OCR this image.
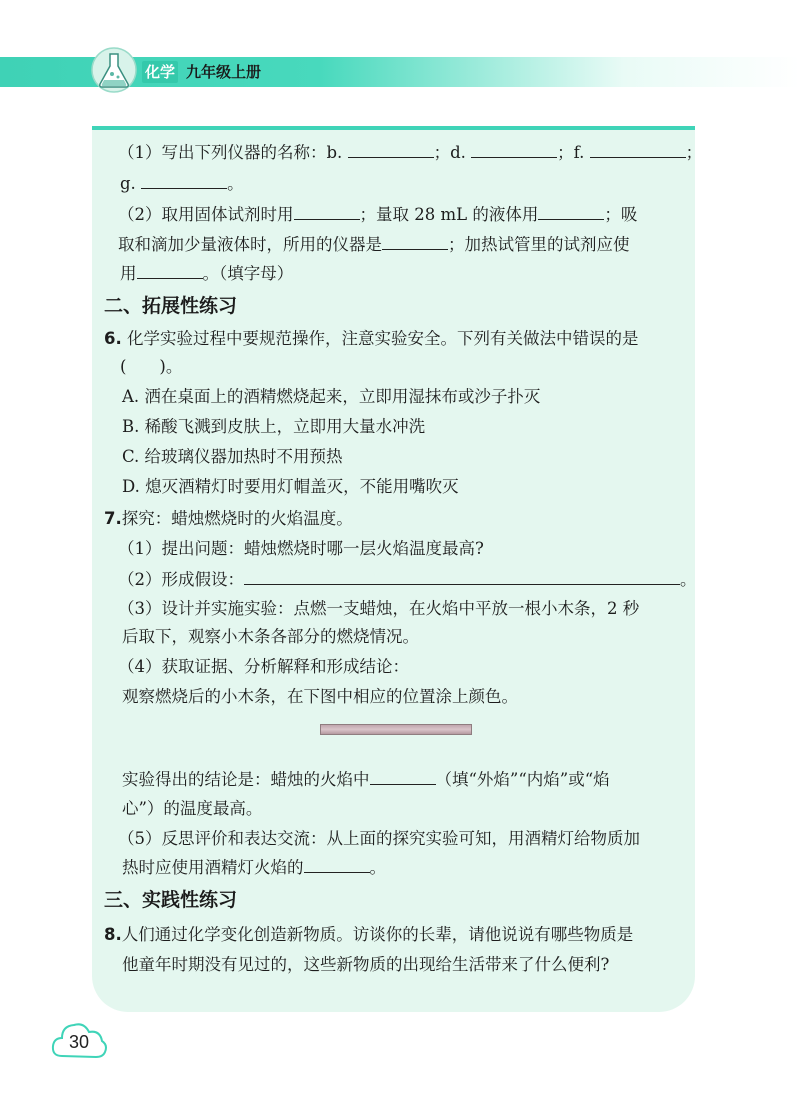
化学 九年级上册
（1）写出下列仪器的名称：b.	；d.	；f.	；
g.	。
（2）取用固体试剂时用	；量取 28 mL 的液体用	；吸
取和滴加少量液体时，所用的仪器是	；加热试管里的试剂应使
用	。（填字母）
二、拓展性练习
6. 化学实验过程中要规范操作，注意实验安全。下列有关做法中错误的是
(　　)。
A. 洒在桌面上的酒精燃烧起来，立即用湿抹布或沙子扑灭
B. 稀酸飞溅到皮肤上，立即用大量水冲洗
C. 给玻璃仪器加热时不用预热
D. 熄灭酒精灯时要用灯帽盖灭，不能用嘴吹灭
7.探究：蜡烛燃烧时的火焰温度。
（1）提出问题：蜡烛燃烧时哪一层火焰温度最高?
（2）形成假设：	。
（3）设计并实施实验：点燃一支蜡烛，在火焰中平放一根小木条，2 秒
后取下，观察小木条各部分的燃烧情况。
（4）获取证据、分析解释和形成结论：
观察燃烧后的小木条，在下图中相应的位置涂上颜色。
实验得出的结论是：蜡烛的火焰中	（填“外焰”“内焰”或“焰
心”）的温度最高。
（5）反思评价和表达交流：从上面的探究实验可知，用酒精灯给物质加
热时应使用酒精灯火焰的	。
三、实践性练习
8.人们通过化学变化创造新物质。访谈你的长辈，请他说说有哪些物质是
他童年时期没有见过的，这些新物质的出现给生活带来了什么便利?
30
